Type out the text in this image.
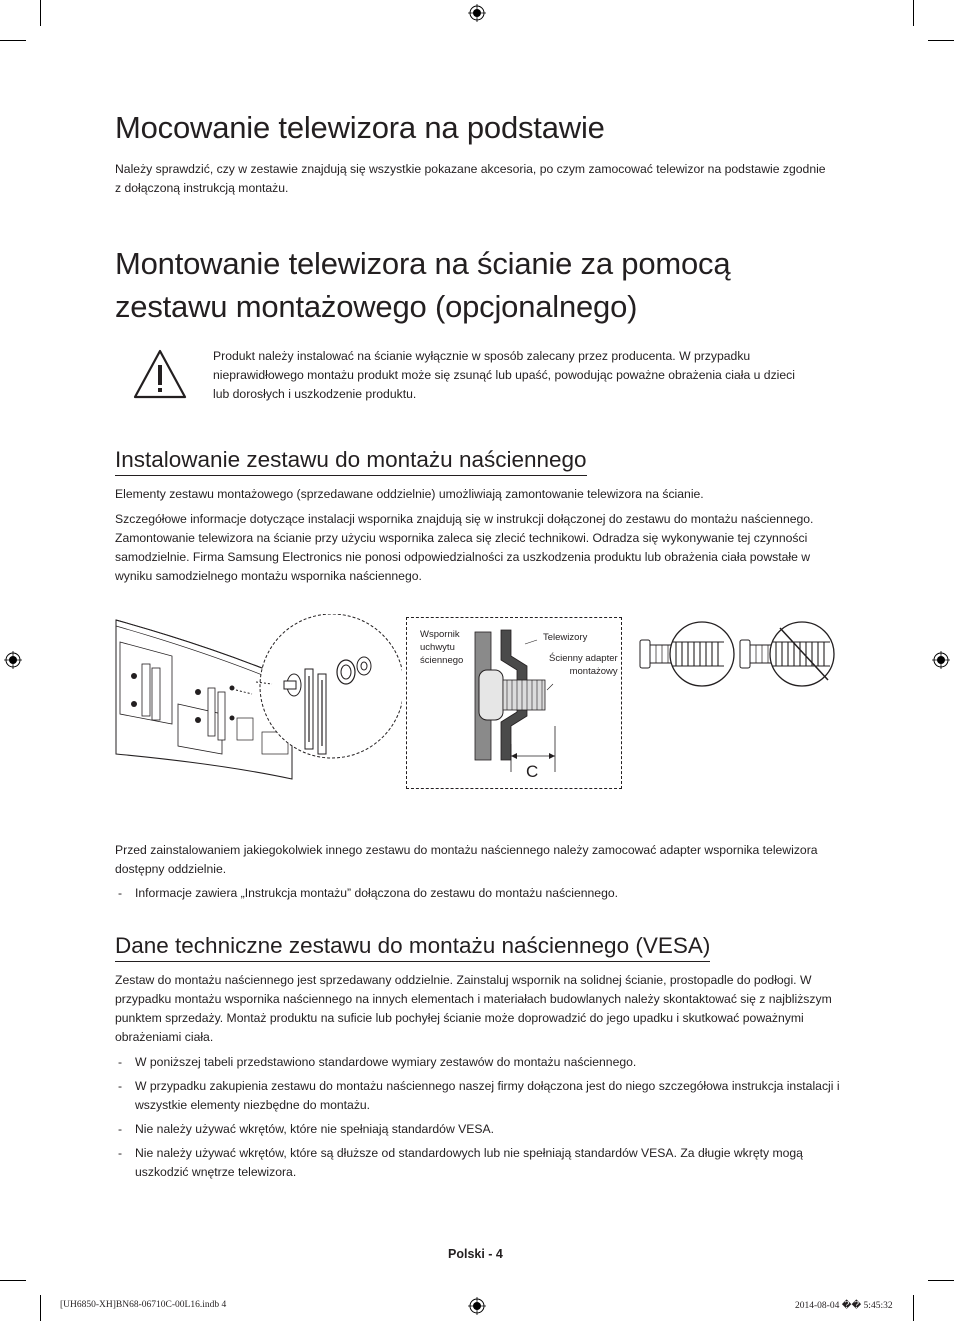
Mocowanie telewizora na podstawie

Należy sprawdzić, czy w zestawie znajdują się wszystkie pokazane akcesoria, po czym zamocować telewizor na podstawie zgodnie z dołączoną instrukcją montażu.

Montowanie telewizora na ścianie za pomocą
zestawu montażowego (opcjonalnego)

Produkt należy instalować na ścianie wyłącznie w sposób zalecany przez producenta. W przypadku nieprawidłowego montażu produkt może się zsunąć lub upaść, powodując poważne obrażenia ciała u dzieci lub dorosłych i uszkodzenie produktu.

Instalowanie zestawu do montażu naściennego

Elementy zestawu montażowego (sprzedawane oddzielnie) umożliwiają zamontowanie telewizora na ścianie.

Szczegółowe informacje dotyczące instalacji wspornika znajdują się w instrukcji dołączonej do zestawu do montażu naściennego. Zamontowanie telewizora na ścianie przy użyciu wspornika zaleca się zlecić technikowi. Odradza się wykonywanie tej czynności samodzielnie. Firma Samsung Electronics nie ponosi odpowiedzialności za uszkodzenia produktu lub obrażenia ciała powstałe w wyniku samodzielnego montażu wspornika naściennego.

Wspornik
uchwytu
ściennego
Telewizory
Ścienny adapter
montażowy
C

Przed zainstalowaniem jakiegokolwiek innego zestawu do montażu naściennego należy zamocować adapter wspornika telewizora dostępny oddzielnie.

- Informacje zawiera „Instrukcja montażu” dołączona do zestawu do montażu naściennego.
Dane techniczne zestawu do montażu naściennego (VESA)

Zestaw do montażu naściennego jest sprzedawany oddzielnie. Zainstaluj wspornik na solidnej ścianie, prostopadle do podłogi. W przypadku montażu wspornika naściennego na innych elementach i materiałach budowlanych należy skontaktować się z najbliższym punktem sprzedaży. Montaż produktu na suficie lub pochyłej ścianie może doprowadzić do jego upadku i skutkować poważnymi obrażeniami ciała.

- W poniższej tabeli przedstawiono standardowe wymiary zestawów do montażu naściennego.
- W przypadku zakupienia zestawu do montażu naściennego naszej firmy dołączona jest do niego szczegółowa instrukcja instalacji i wszystkie elementy niezbędne do montażu.
- Nie należy używać wkrętów, które nie spełniają standardów VESA.
- Nie należy używać wkrętów, które są dłuższe od standardowych lub nie spełniają standardów VESA. Za długie wkręty mogą uszkodzić wnętrze telewizora.
Polski - 4
[UH6850-XH]BN68-06710C-00L16.indb 4	2014-08-04 �� 5:45:32
